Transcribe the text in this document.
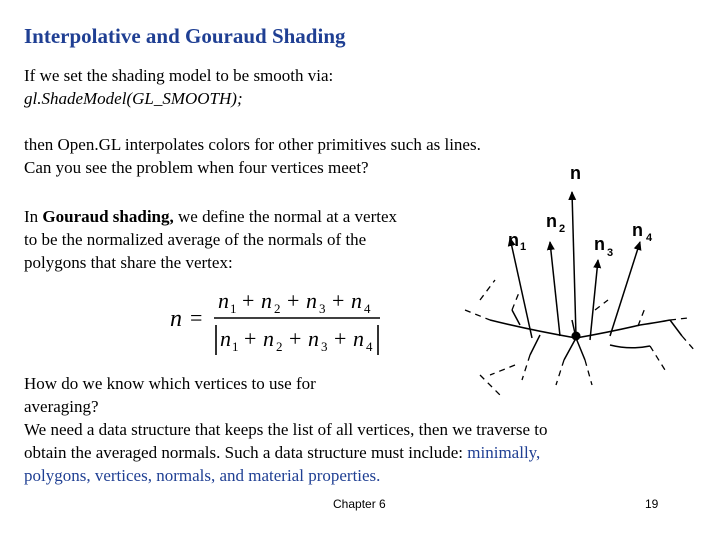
Interpolative and Gouraud Shading
If we set the shading model to be smooth via:
gl.ShadeModel(GL_SMOOTH);
then Open.GL interpolates colors for other primitives such as lines.
Can you see the problem when four vertices meet?
In Gouraud shading, we define the normal at a vertex
to be the normalized average of the normals of the
polygons that share the vertex:
n =
n 1 + n 2 + n 3 + n 4
n 1 + n 2 + n 3 + n 4
n
n 1
n 2
n 3
n 4
How do we know which vertices to use for
averaging?
We need a data structure that keeps the list of all vertices, then we traverse to
obtain the averaged normals. Such a data structure must include: minimally,
polygons, vertices, normals, and material properties.
Chapter 6	19
